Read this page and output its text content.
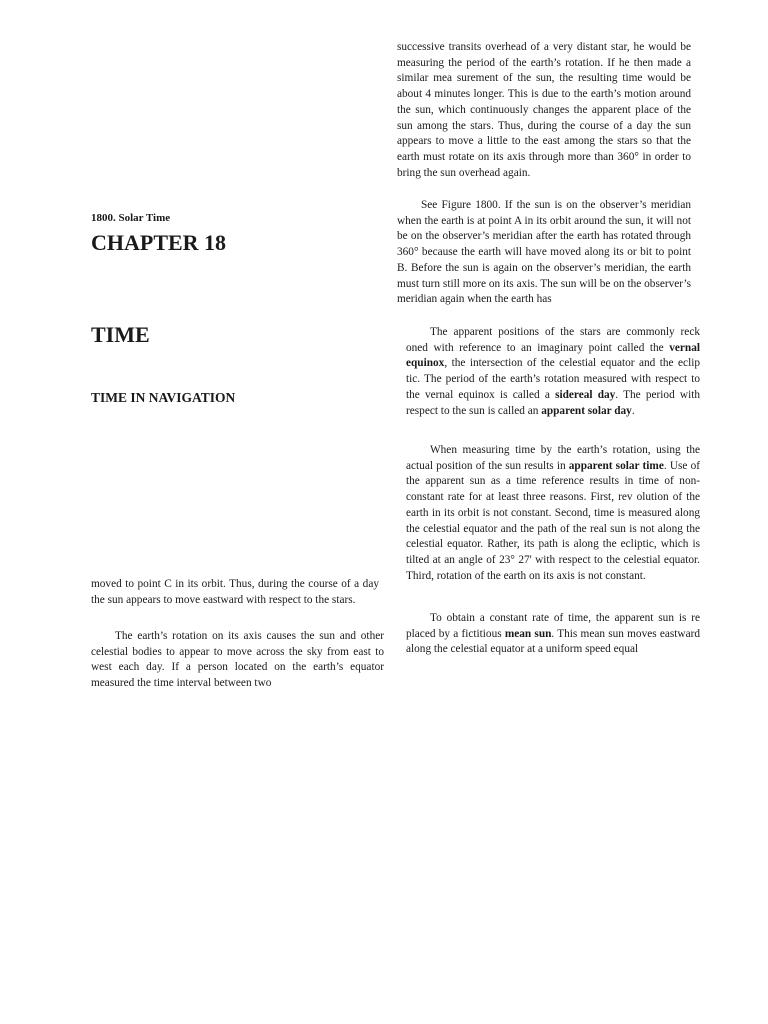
1800. Solar Time
CHAPTER 18
TIME
TIME IN NAVIGATION

moved to point C in its orbit. Thus, during the course of a day the sun appears to move eastward with respect to the stars.

The earth’s rotation on its axis causes the sun and other celestial bodies to appear to move across the sky from east to west each day. If a person located on the earth’s equator measured the time interval between two

successive transits overhead of a very distant star, he would be measuring the period of the earth’s rotation. If he then made a similar mea surement of the sun, the resulting time would be about 4 minutes longer. This is due to the earth’s motion around the sun, which continuously changes the apparent place of the sun among the stars. Thus, during the course of a day the sun appears to move a little to the east among the stars so that the earth must rotate on its axis through more than 360° in order to bring the sun overhead again.

See Figure 1800. If the sun is on the observer’s meridian when the earth is at point A in its orbit around the sun, it will not be on the observer’s meridian after the earth has rotated through 360° because the earth will have moved along its or bit to point B. Before the sun is again on the observer’s meridian, the earth must turn still more on its axis. The sun will be on the observer’s meridian again when the earth has

The apparent positions of the stars are commonly reck oned with reference to an imaginary point called the vernal equinox, the intersection of the celestial equator and the eclip tic. The period of the earth’s rotation measured with respect to the vernal equinox is called a sidereal day. The period with respect to the sun is called an apparent solar day.

When measuring time by the earth’s rotation, using the actual position of the sun results in apparent solar time. Use of the apparent sun as a time reference results in time of non-constant rate for at least three reasons. First, rev olution of the earth in its orbit is not constant. Second, time is measured along the celestial equator and the path of the real sun is not along the celestial equator. Rather, its path is along the ecliptic, which is tilted at an angle of 23° 27' with respect to the celestial equator. Third, rotation of the earth on its axis is not constant.

To obtain a constant rate of time, the apparent sun is re placed by a fictitious mean sun. This mean sun moves eastward along the celestial equator at a uniform speed equal
